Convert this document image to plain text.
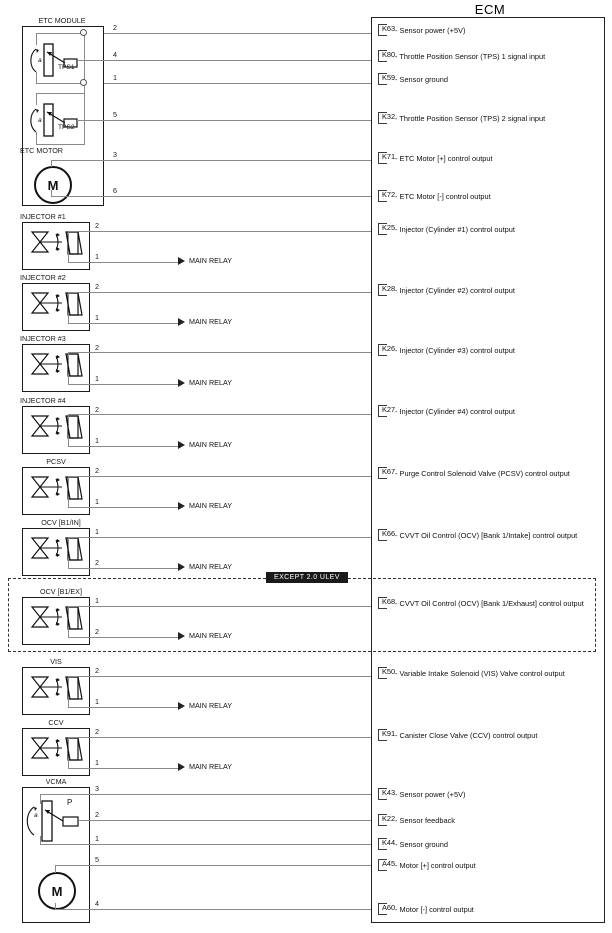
ECM
ETC MODULE
a
TPS1
a
TPS2
ETC MOTOR
M
2
4
1
5
3
6
INJECTOR #1
2
1	MAIN RELAY
INJECTOR #2
2
1	MAIN RELAY
INJECTOR #3
2
1	MAIN RELAY
INJECTOR #4
2
1	MAIN RELAY
PCSV
2
1	MAIN RELAY
OCV [B1/IN]
1
2	MAIN RELAY
EXCEPT 2.0 ULEV
OCV [B1/EX]
1
2	MAIN RELAY
VIS
2
1	MAIN RELAY
CCV
2
1	MAIN RELAY
VCMA
a
P
M
3
2
1
5
4
K63 - Sensor power (+5V)
K80 - Throttle Position Sensor (TPS) 1 signal input
K59 - Sensor ground
K32 - Throttle Position Sensor (TPS) 2 signal input
K71 - ETC Motor [+] control output
K72 - ETC Motor [-] control output
K25 - Injector (Cylinder #1) control output
K28 - Injector (Cylinder #2) control output
K26 - Injector (Cylinder #3) control output
K27 - Injector (Cylinder #4) control output
K67 - Purge Control Solenoid Valve (PCSV) control output
K66 - CVVT Oil Control (OCV) [Bank 1/Intake] control output
K68 - CVVT Oil Control (OCV) [Bank 1/Exhaust] control output
K50 - Variable Intake Solenoid (VIS) Valve control output
K91 - Canister Close Valve (CCV) control output
K43 - Sensor power (+5V)
K22 - Sensor feedback
K44 - Sensor ground
A45 - Motor [+] control output
A60 - Motor [-] control output
